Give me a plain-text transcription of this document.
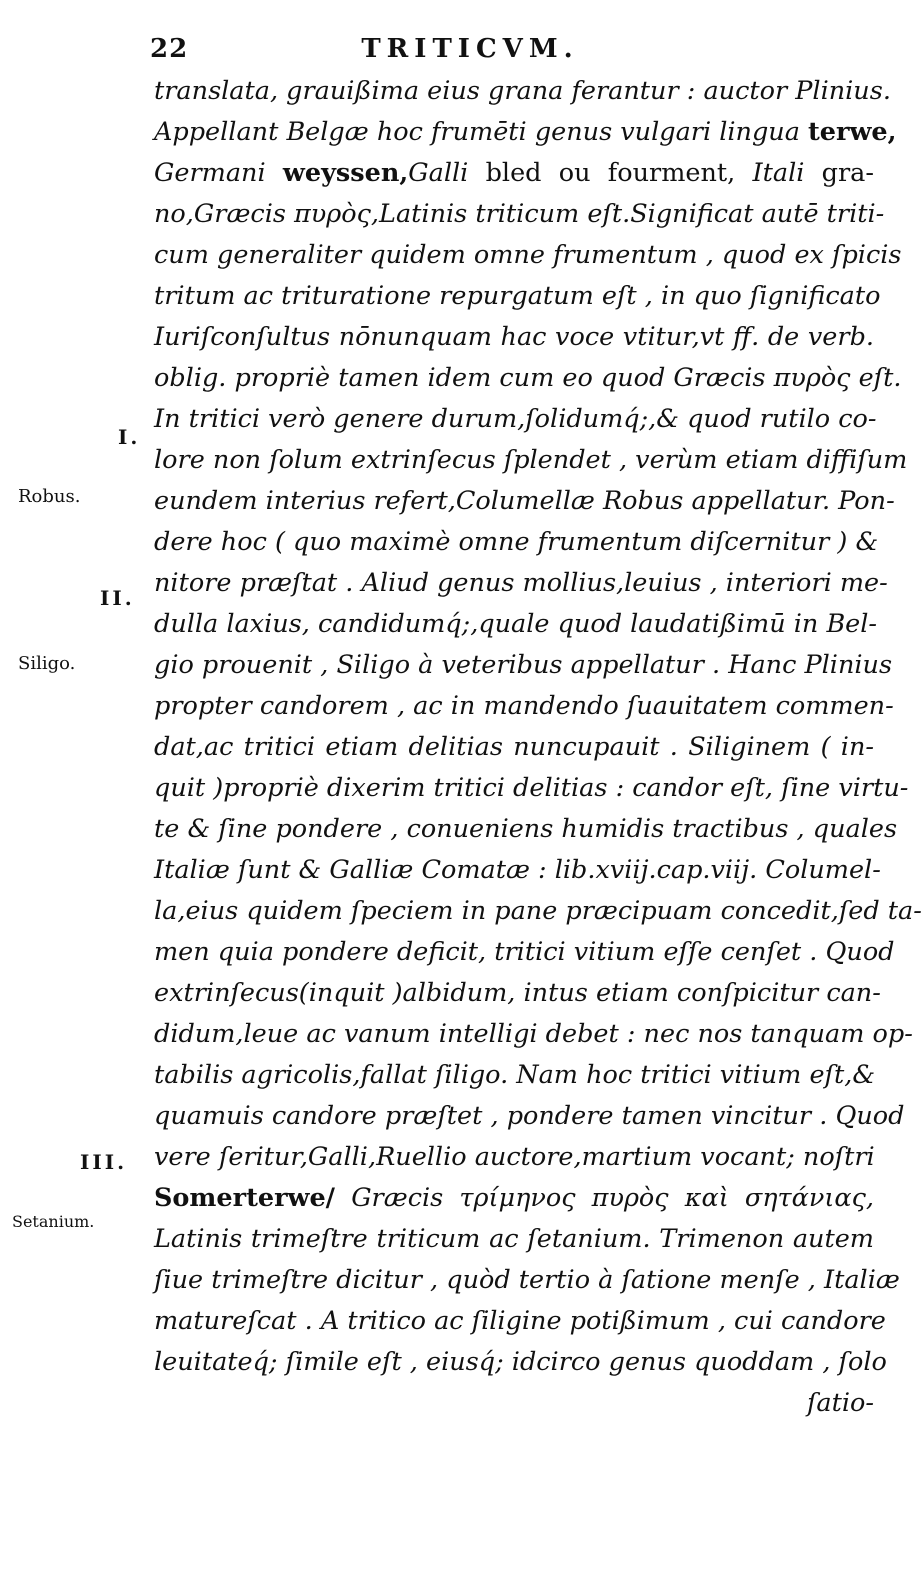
22	TRITICVM.
I.
Robus.
II.
Siligo.
III.
Setanium.
translata, grauißima eius grana ferantur : auctor Plinius.
Appellant Belgæ hoc frumēti genus vulgari lingua terwe,
Germani weyssen,Galli bled ou fourment, Itali gra-
no,Græcis πυρὸς,Latinis triticum eſt.Significat autē triti-
cum generaliter quidem omne frumentum , quod ex ſpicis
tritum ac trituratione repurgatum eſt , in quo ſignificato
Iuriſconſultus nōnunquam hac voce vtitur,vt ff. de verb.
oblig. propriè tamen idem cum eo quod Græcis πυρὸς eſt.
In tritici verò genere durum,ſolidumq́;,& quod rutilo co-
lore non ſolum extrinſecus ſplendet , verùm etiam diffiſum
eundem interius refert,Columellæ Robus appellatur. Pon-
dere hoc ( quo maximè omne frumentum diſcernitur ) &
nitore præſtat . Aliud genus mollius,leuius , interiori me-
dulla laxius, candidumq́;,quale quod laudatißimū in Bel-
gio prouenit , Siligo à veteribus appellatur . Hanc Plinius
propter candorem , ac in mandendo ſuauitatem commen-
dat,ac tritici etiam delitias nuncupauit . Siliginem ( in-
quit )propriè dixerim tritici delitias : candor eſt, ſine virtu-
te & ſine pondere , conueniens humidis tractibus , quales
Italiæ ſunt & Galliæ Comatæ : lib.xviij.cap.viij. Columel-
la,eius quidem ſpeciem in pane præcipuam concedit,ſed ta-
men quia pondere deficit, tritici vitium eſſe cenſet . Quod
extrinſecus(inquit )albidum, intus etiam conſpicitur can-
didum,leue ac vanum intelligi debet : nec nos tanquam op-
tabilis agricolis,fallat ſiligo. Nam hoc tritici vitium eſt,&
quamuis candore præſtet , pondere tamen vincitur . Quod
vere ſeritur,Galli,Ruellio auctore,martium vocant; noſtri
Somerterwe/ Græcis τρίμηνος πυρὸς καὶ σητάνιας,
Latinis trimeſtre triticum ac ſetanium. Trimenon autem
ſiue trimeſtre dicitur , quòd tertio à ſatione menſe , Italiæ
matureſcat . A tritico ac ſiligine potißimum , cui candore
leuitateq́; ſimile eſt , eiusq́; idcirco genus quoddam , ſolo
ſatio-
